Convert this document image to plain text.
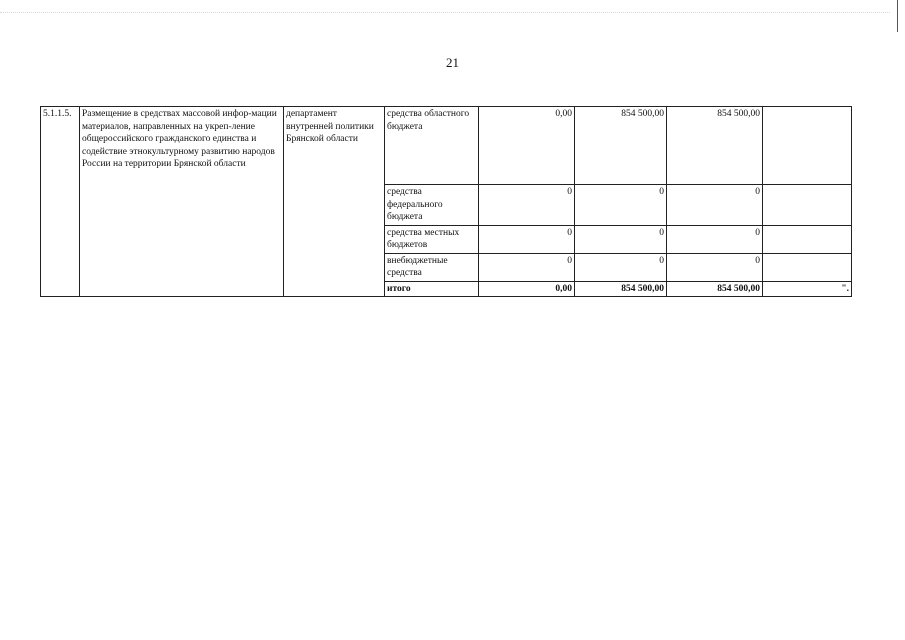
21
5.1.1.5.	Размещение в средствах массовой инфор-мации материалов, направленных на укреп-ление общероссийского гражданского единства и содействие этнокультурному развитию народов России на территории Брянской области	департамент внутренней политики Брянской области	средства областного бюджета	0,00	854 500,00	854 500,00	
			средства федерального бюджета	0	0	0	
			средства местных бюджетов	0	0	0	
			внебюджетные средства	0	0	0	
			итого	0,00	854 500,00	854 500,00	".
